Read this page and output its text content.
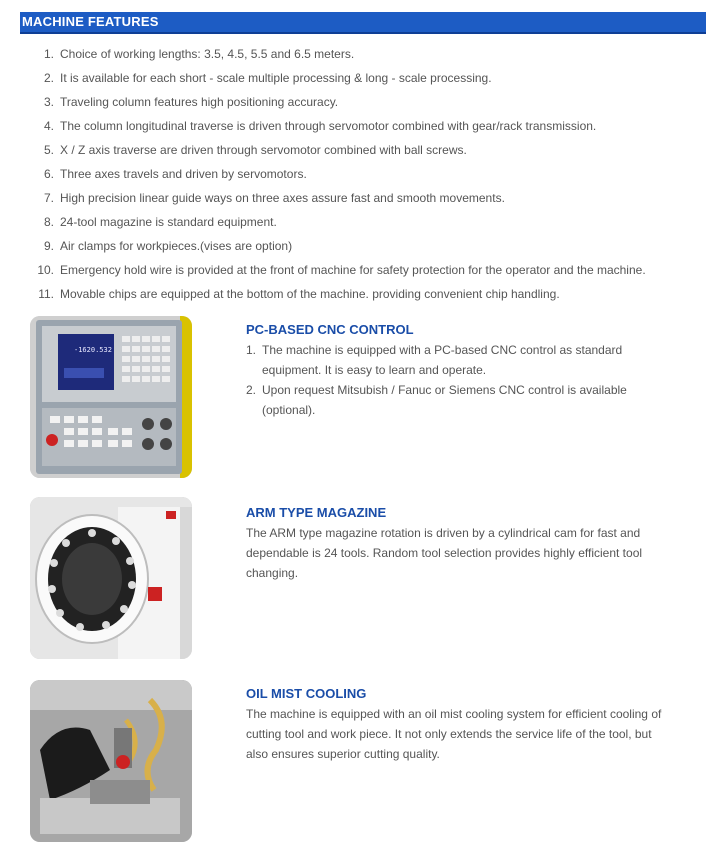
MACHINE FEATURES
1. Choice of working lengths: 3.5, 4.5, 5.5 and 6.5 meters.
2. It is available for each short - scale multiple processing & long - scale processing.
3. Traveling column features high positioning accuracy.
4. The column longitudinal traverse is driven through servomotor combined with gear/rack transmission.
5. X / Z axis traverse are driven through servomotor combined with ball screws.
6. Three axes travels and driven by servomotors.
7. High precision linear guide ways on three axes assure fast and smooth movements.
8. 24-tool magazine is standard equipment.
9. Air clamps for workpieces.(vises are option)
10. Emergency hold wire is provided at the front of machine for safety protection for the operator and the machine.
11. Movable chips are equipped at the bottom of the machine. providing convenient chip handling.
-1620.532
PC-BASED CNC CONTROL
1. The machine is equipped with a PC-based CNC control as standard equipment. It is easy to learn and operate.
2. Upon request Mitsubish / Fanuc or Siemens CNC control is available (optional).
ARM TYPE MAGAZINE
The ARM type magazine rotation is driven by a cylindrical cam for fast and dependable is 24 tools. Random tool selection provides highly efficient tool changing.
OIL MIST COOLING
The machine is equipped with an oil mist cooling system for efficient cooling of cutting tool and work piece. It not only extends the service life of the tool, but also ensures superior cutting quality.
